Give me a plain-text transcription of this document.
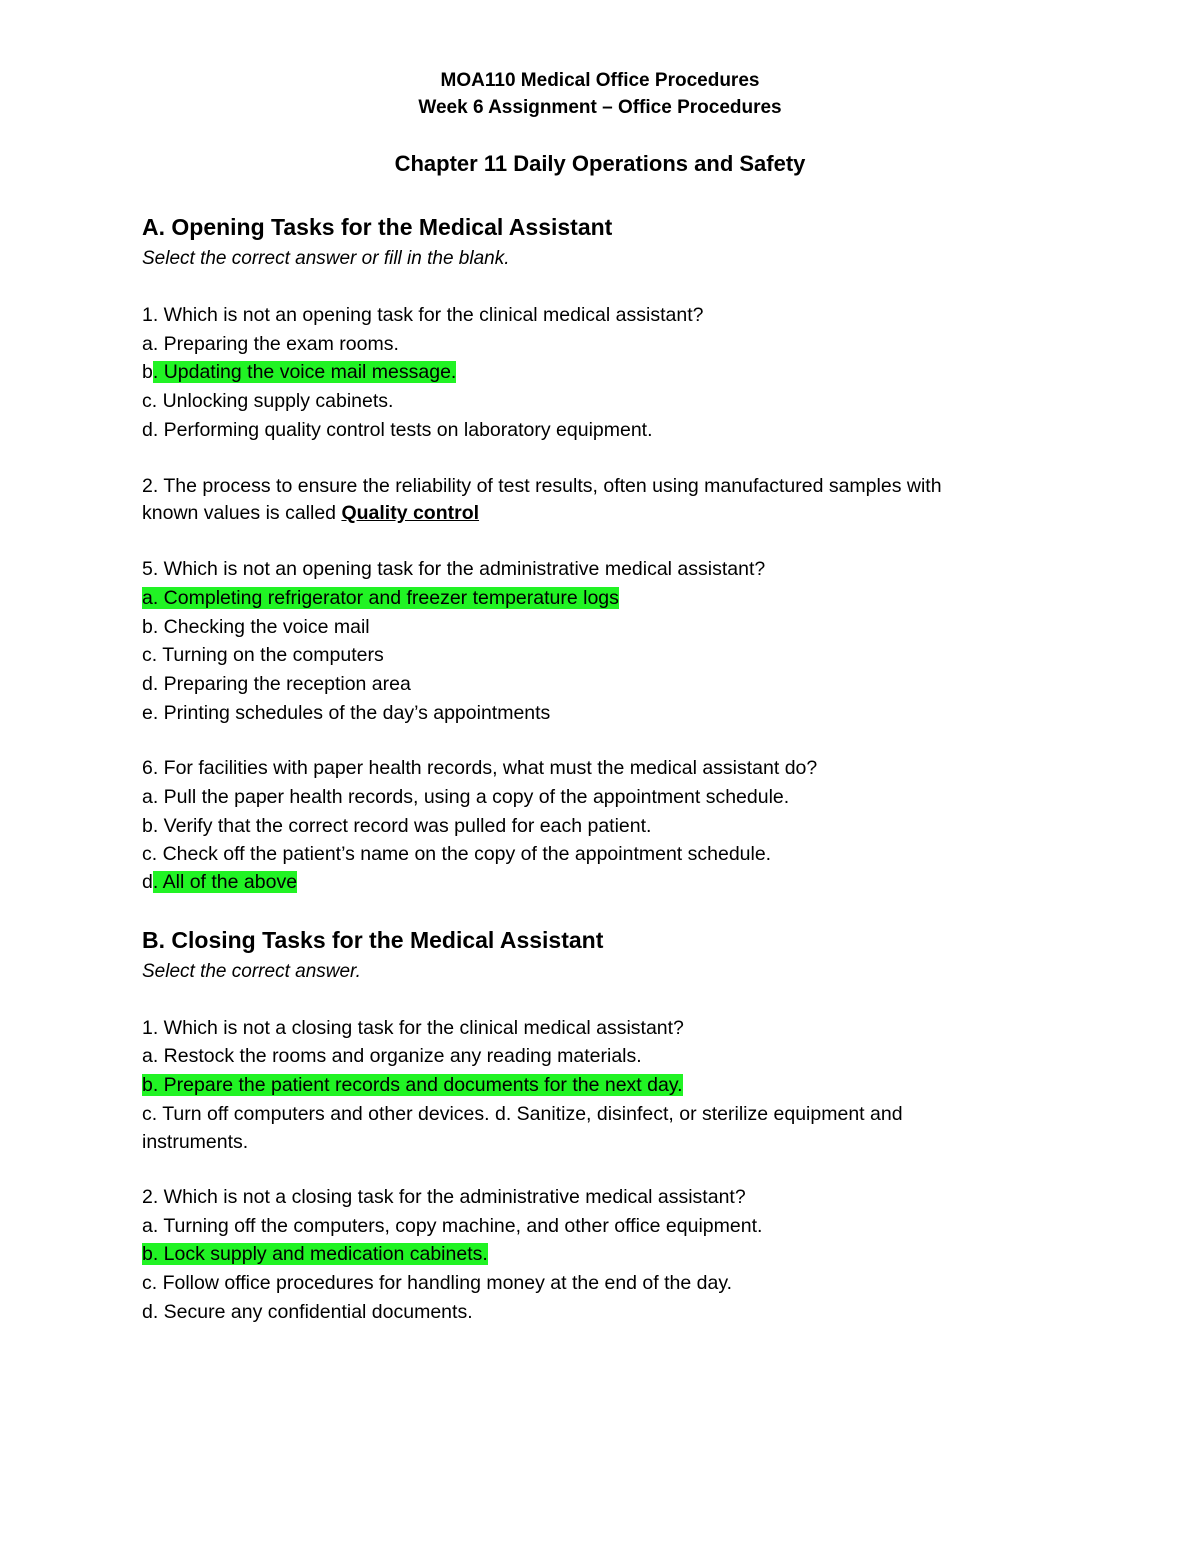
MOA110 Medical Office Procedures
Week 6 Assignment – Office Procedures
Chapter 11 Daily Operations and Safety
A. Opening Tasks for the Medical Assistant
Select the correct answer or fill in the blank.
1. Which is not an opening task for the clinical medical assistant?
a. Preparing the exam rooms.
b. Updating the voice mail message.
c. Unlocking supply cabinets.
d. Performing quality control tests on laboratory equipment.
2. The process to ensure the reliability of test results, often using manufactured samples with
known values is called Quality control
5. Which is not an opening task for the administrative medical assistant?
a. Completing refrigerator and freezer temperature logs
b. Checking the voice mail
c. Turning on the computers
d. Preparing the reception area
e. Printing schedules of the day’s appointments
6. For facilities with paper health records, what must the medical assistant do?
a. Pull the paper health records, using a copy of the appointment schedule.
b. Verify that the correct record was pulled for each patient.
c. Check off the patient’s name on the copy of the appointment schedule.
d. All of the above
B. Closing Tasks for the Medical Assistant
Select the correct answer.
1. Which is not a closing task for the clinical medical assistant?
a. Restock the rooms and organize any reading materials.
b. Prepare the patient records and documents for the next day.
c. Turn off computers and other devices. d. Sanitize, disinfect, or sterilize equipment and
instruments.
2. Which is not a closing task for the administrative medical assistant?
a. Turning off the computers, copy machine, and other office equipment.
b. Lock supply and medication cabinets.
c. Follow office procedures for handling money at the end of the day.
d. Secure any confidential documents.
